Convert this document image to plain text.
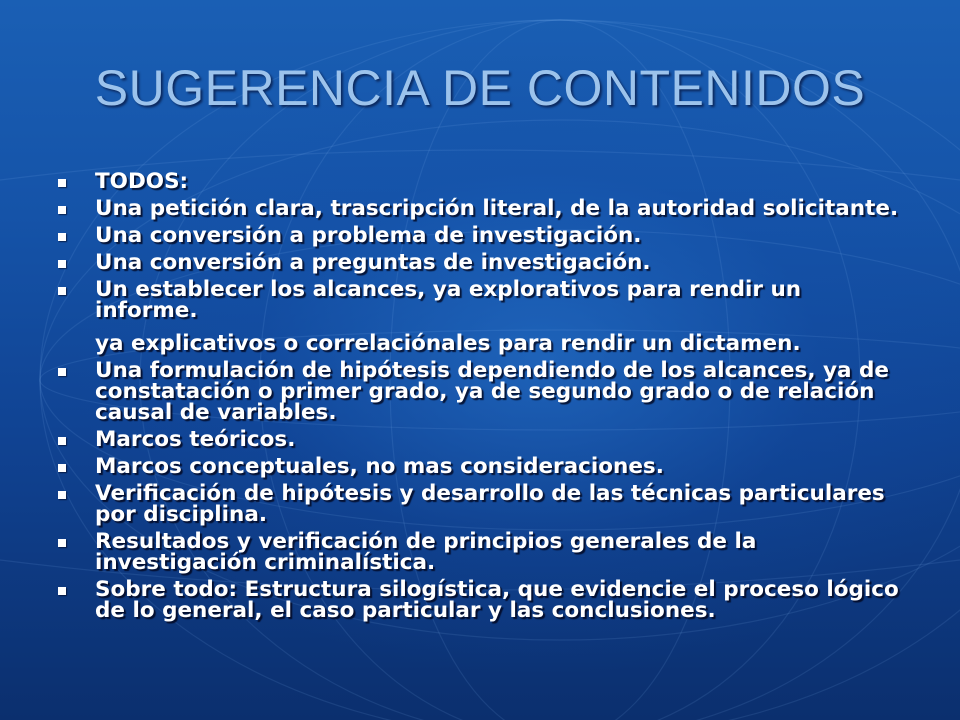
SUGERENCIA DE CONTENIDOS
TODOS:
Una petición clara, trascripción literal, de la autoridad solicitante.
Una conversión a problema de investigación.
Una conversión a preguntas de investigación.
Un establecer los alcances, ya explorativos para rendir un informe.
ya explicativos o correlaciónales para rendir un dictamen.
Una formulación de hipótesis dependiendo de los alcances, ya de constatación o primer grado, ya de segundo grado o de relación causal de variables.
Marcos teóricos.
Marcos conceptuales, no mas consideraciones.
Verificación de hipótesis y desarrollo de las técnicas particulares por disciplina.
Resultados y verificación de principios generales de la investigación criminalística.
Sobre todo: Estructura silogística, que evidencie el proceso lógico de lo general, el caso particular y las conclusiones.
